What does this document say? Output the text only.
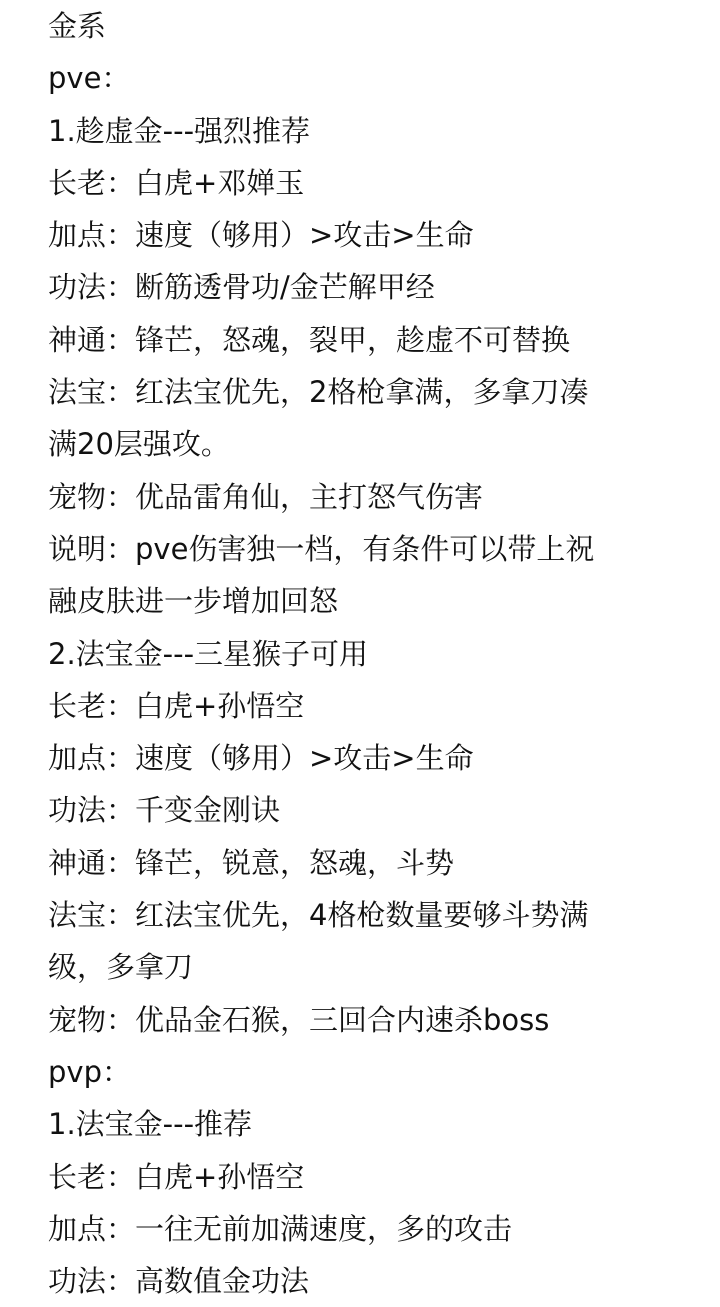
金系
pve：
1.趁虚金---强烈推荐
长老：白虎+邓婵玉
加点：速度（够用）>攻击>生命
功法：断筋透骨功/金芒解甲经
神通：锋芒，怒魂，裂甲，趁虚不可替换
法宝：红法宝优先，2格枪拿满，多拿刀凑
满20层强攻。
宠物：优品雷角仙，主打怒气伤害
说明：pve伤害独一档，有条件可以带上祝
融皮肤进一步增加回怒
2.法宝金---三星猴子可用
长老：白虎+孙悟空
加点：速度（够用）>攻击>生命
功法：千变金刚诀
神通：锋芒，锐意，怒魂，斗势
法宝：红法宝优先，4格枪数量要够斗势满
级，多拿刀
宠物：优品金石猴，三回合内速杀boss
pvp：
1.法宝金---推荐
长老：白虎+孙悟空
加点：一往无前加满速度，多的攻击
功法：高数值金功法
